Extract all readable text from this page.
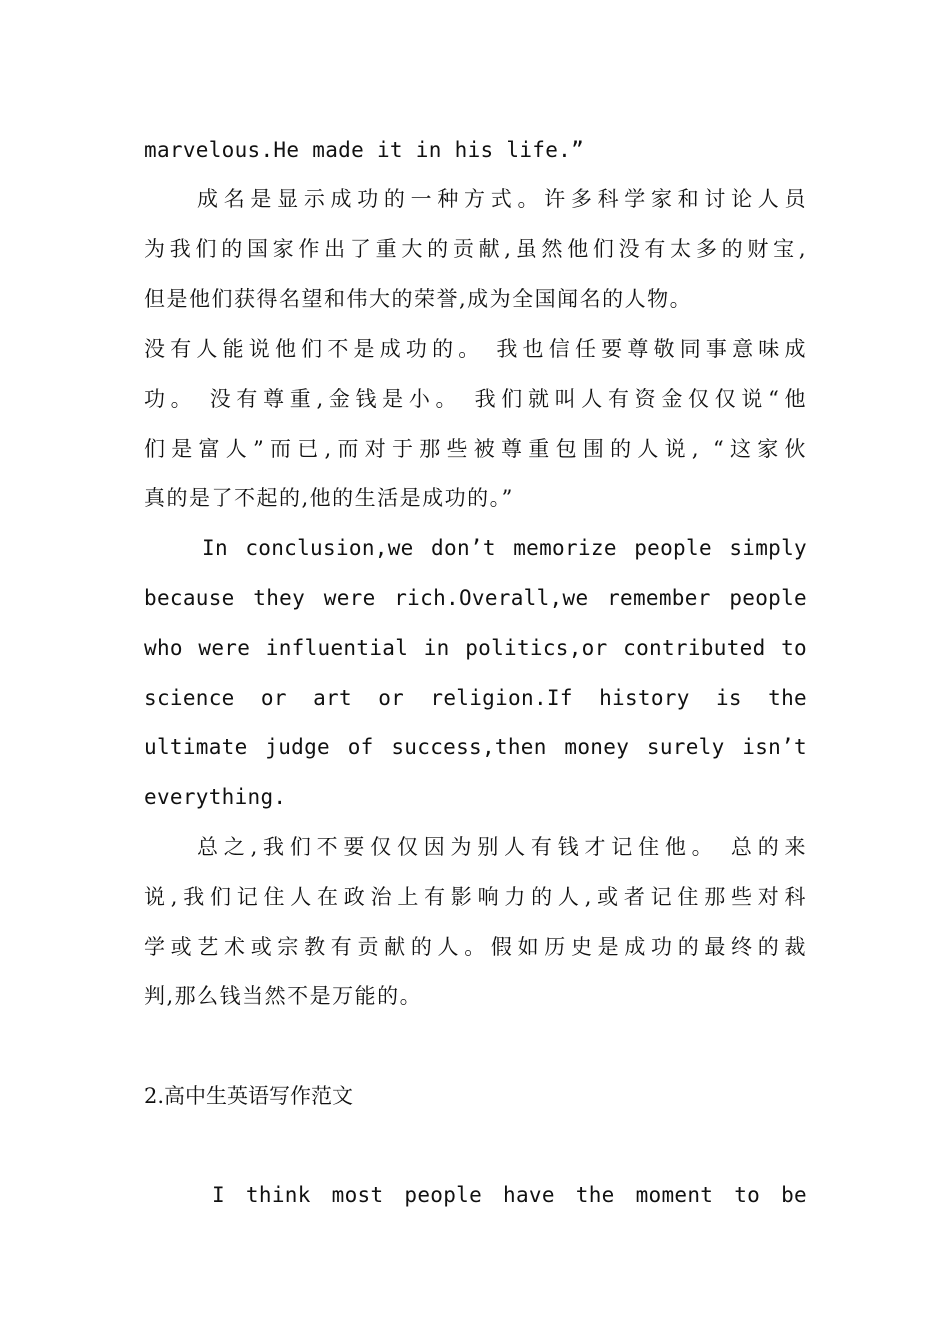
marvelous.He made it in his life.”
成名是显示成功的一种方式。许多科学家和讨论人员
为我们的国家作出了重大的贡献,虽然他们没有太多的财宝,
但是他们获得名望和伟大的荣誉,成为全国闻名的人物。
没有人能说他们不是成功的。 我也信任要尊敬同事意味成
功。 没有尊重,金钱是小。 我们就叫人有资金仅仅说“他
们是富人”而已,而对于那些被尊重包围的人说, “这家伙
真的是了不起的,他的生活是成功的。”
In conclusion,we don’t memorize people simply
because they were rich.Overall,we remember people
who were influential in politics,or contributed to
science or art or religion.If history is the
ultimate judge of success,then money surely isn’t
everything.
总之,我们不要仅仅因为别人有钱才记住他。 总的来
说,我们记住人在政治上有影响力的人,或者记住那些对科
学或艺术或宗教有贡献的人。假如历史是成功的最终的裁
判,那么钱当然不是万能的。
2.高中生英语写作范文
I think most people have the moment to be
